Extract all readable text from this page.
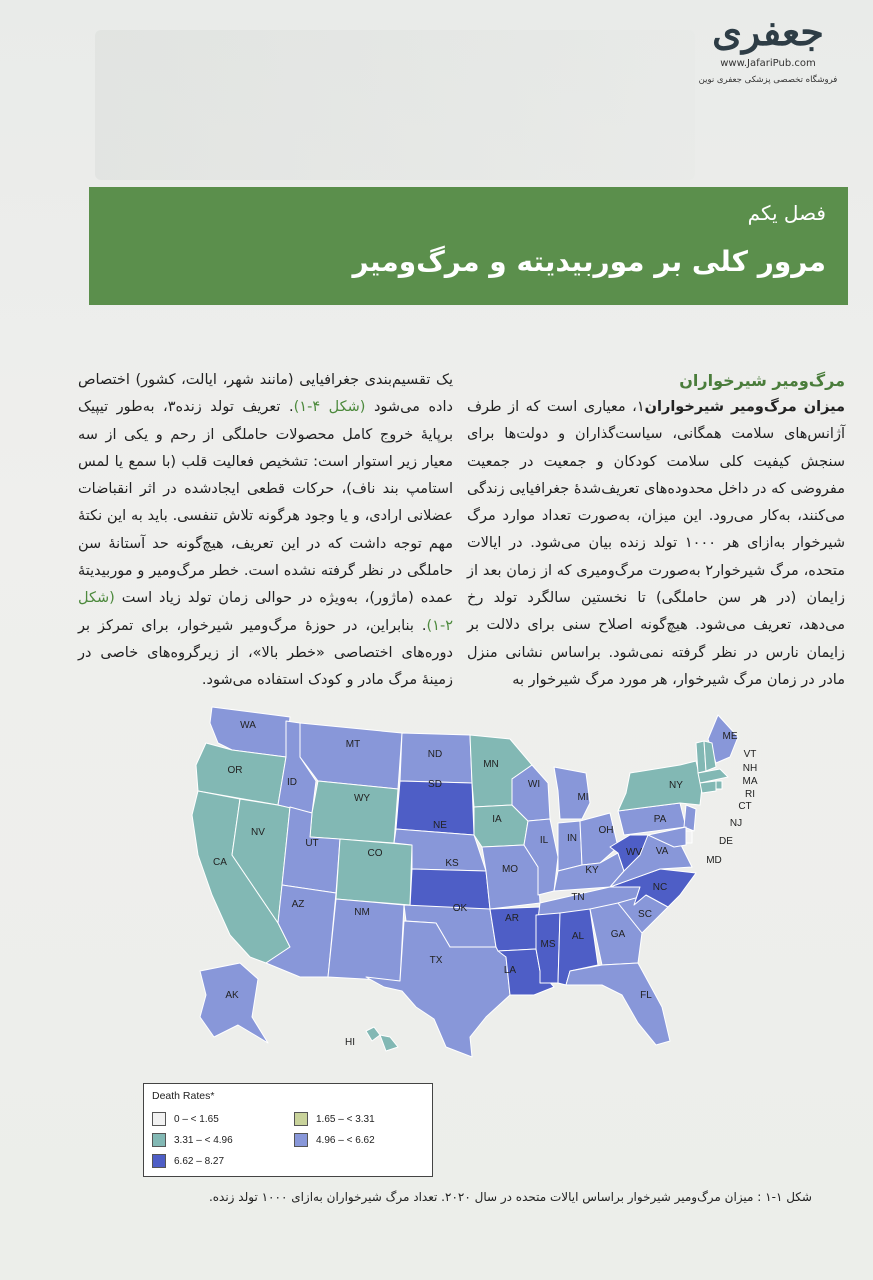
ﺟﻌﻔﺮی
www.JafariPub.com
فروشگاه تخصصی پزشکی جعفری نوین
فصل یکم
مرور کلی بر موربیدیته و مرگ‌ومیر
مرگ‌ومیر شیرخواران

میزان مرگ‌ومیر شیرخواران۱، معیاری است که از طرف آژانس‌های سلامت همگانی، سیاست‌گذاران و دولت‌ها برای سنجش کیفیت کلی سلامت کودکان و جمعیت در جمعیت مفروضی که در داخل محدوده‌های تعریف‌شدهٔ جغرافیایی زندگی می‌کنند، به‌کار می‌رود. این میزان، به‌صورت تعداد موارد مرگ شیرخوار به‌ازای هر ۱۰۰۰ تولد زنده بیان می‌شود. در ایالات متحده، مرگ شیرخوار۲ به‌صورت مرگ‌ومیری که از زمان بعد از زایمان (در هر سن حاملگی) تا نخستین سالگرد تولد رخ می‌دهد، تعریف می‌شود. هیچ‌گونه اصلاح سنی برای دلالت بر زایمان نارس در نظر گرفته نمی‌شود. براساس نشانی منزل مادر در زمان مرگ شیرخوار، هر مورد مرگ شیرخوار به

یک تقسیم‌بندی جغرافیایی (مانند شهر، ایالت، کشور) اختصاص داده می‌شود (شکل ۴-۱). تعریف تولد زنده۳، به‌طور تیپیک برپایهٔ خروج کامل محصولات حاملگی از رحم و یکی از سه معیار زیر استوار است: تشخیص فعالیت قلب (با سمع یا لمس استامپ بند ناف)، حرکات قطعی ایجادشده در اثر انقباضات عضلانی ارادی، و یا وجود هرگونه تلاش تنفسی. باید به این نکتهٔ مهم توجه داشت که در این تعریف، هیچ‌گونه حد آستانهٔ سن حاملگی در نظر گرفته نشده است. خطر مرگ‌ومیر و موربیدیتهٔ عمده (ماژور)، به‌ویژه در حوالی زمان تولد زیاد است (شکل ۲-۱). بنابراین، در حوزهٔ مرگ‌ومیر شیرخوار، برای تمرکز بر دوره‌های اختصاصی «خطر بالا»، از زیرگروه‌های خاصی در زمینهٔ مرگ مادر و کودک استفاده می‌شود.

WA
OR
CA
NV
ID
MT
WY
UT
AZ
CO
NM
ND
SD
NE
KS
OK
TX
MN
IA
MO
AR
LA
WI
IL
MI
IN
OH
KY
TN
MS
AL	GA
FL
SC
NC
VA
WV
PA
NY
ME
VT
NH
MA
RI
CT
NJ
DE
MD
AK
HI
Death Rates*
0 – < 1.65	1.65 – < 3.31
3.31 – < 4.96	4.96 – < 6.62
6.62 – 8.27
شکل ۱-۱ : میزان مرگ‌ومیر شیرخوار براساس ایالات متحده در سال ۲۰۲۰. تعداد مرگ شیرخواران به‌ازای ۱۰۰۰ تولد زنده.
